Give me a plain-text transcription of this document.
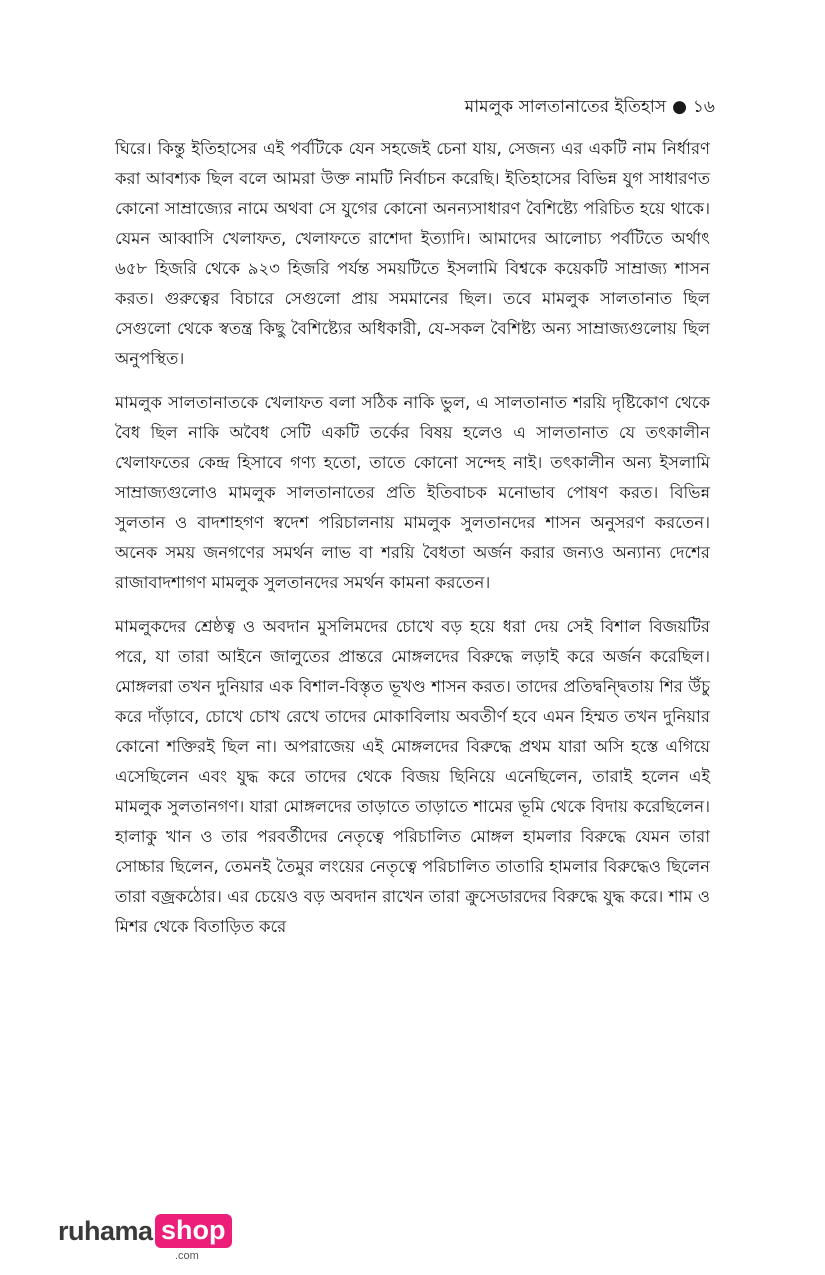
মামলুক সালতানাতের ইতিহাস ● ১৬

ঘিরে। কিন্তু ইতিহাসের এই পর্বটিকে যেন সহজেই চেনা যায়, সেজন্য এর একটি নাম নির্ধারণ করা আবশ্যক ছিল বলে আমরা উক্ত নামটি নির্বাচন করেছি। ইতিহাসের বিভিন্ন যুগ সাধারণত কোনো সাম্রাজ্যের নামে অথবা সে যুগের কোনো অনন্যসাধারণ বৈশিষ্ট্যে পরিচিত হয়ে থাকে। যেমন আব্বাসি খেলাফত, খেলাফতে রাশেদা ইত্যাদি। আমাদের আলোচ্য পর্বটিতে অর্থাৎ ৬৫৮ হিজরি থেকে ৯২৩ হিজরি পর্যন্ত সময়টিতে ইসলামি বিশ্বকে কয়েকটি সাম্রাজ্য শাসন করত। গুরুত্বের বিচারে সেগুলো প্রায় সমমানের ছিল। তবে মামলুক সালতানাত ছিল সেগুলো থেকে স্বতন্ত্র কিছু বৈশিষ্ট্যের অধিকারী, যে-সকল বৈশিষ্ট্য অন্য সাম্রাজ্যগুলোয় ছিল অনুপস্থিত।

মামলুক সালতানাতকে খেলাফত বলা সঠিক নাকি ভুল, এ সালতানাত শরয়ি দৃষ্টিকোণ থেকে বৈধ ছিল নাকি অবৈধ সেটি একটি তর্কের বিষয় হলেও এ সালতানাত যে তৎকালীন খেলাফতের কেন্দ্র হিসাবে গণ্য হতো, তাতে কোনো সন্দেহ নাই। তৎকালীন অন্য ইসলামি সাম্রাজ্যগুলোও মামলুক সালতানাতের প্রতি ইতিবাচক মনোভাব পোষণ করত। বিভিন্ন সুলতান ও বাদশাহগণ স্বদেশ পরিচালনায় মামলুক সুলতানদের শাসন অনুসরণ করতেন। অনেক সময় জনগণের সমর্থন লাভ বা শরয়ি বৈধতা অর্জন করার জন্যও অন্যান্য দেশের রাজাবাদশাগণ মামলুক সুলতানদের সমর্থন কামনা করতেন।

মামলুকদের শ্রেষ্ঠত্ব ও অবদান মুসলিমদের চোখে বড় হয়ে ধরা দেয় সেই বিশাল বিজয়টির পরে, যা তারা আইনে জালুতের প্রান্তরে মোঙ্গলদের বিরুদ্ধে লড়াই করে অর্জন করেছিল। মোঙ্গলরা তখন দুনিয়ার এক বিশাল-বিস্তৃত ভূখণ্ড শাসন করত। তাদের প্রতিদ্বন্দ্বিতায় শির উঁচু করে দাঁড়াবে, চোখে চোখ রেখে তাদের মোকাবিলায় অবতীর্ণ হবে এমন হিম্মত তখন দুনিয়ার কোনো শক্তিরই ছিল না। অপরাজেয় এই মোঙ্গলদের বিরুদ্ধে প্রথম যারা অসি হস্তে এগিয়ে এসেছিলেন এবং যুদ্ধ করে তাদের থেকে বিজয় ছিনিয়ে এনেছিলেন, তারাই হলেন এই মামলুক সুলতানগণ। যারা মোঙ্গলদের তাড়াতে তাড়াতে শামের ভূমি থেকে বিদায় করেছিলেন। হালাকু খান ও তার পরবর্তীদের নেতৃত্বে পরিচালিত মোঙ্গল হামলার বিরুদ্ধে যেমন তারা সোচ্চার ছিলেন, তেমনই তৈমুর লংয়ের নেতৃত্বে পরিচালিত তাতারি হামলার বিরুদ্ধেও ছিলেন তারা বজ্রকঠোর। এর চেয়েও বড় অবদান রাখেন তারা ক্রুসেডারদের বিরুদ্ধে যুদ্ধ করে। শাম ও মিশর থেকে বিতাড়িত করে

ruhama shop
.com
